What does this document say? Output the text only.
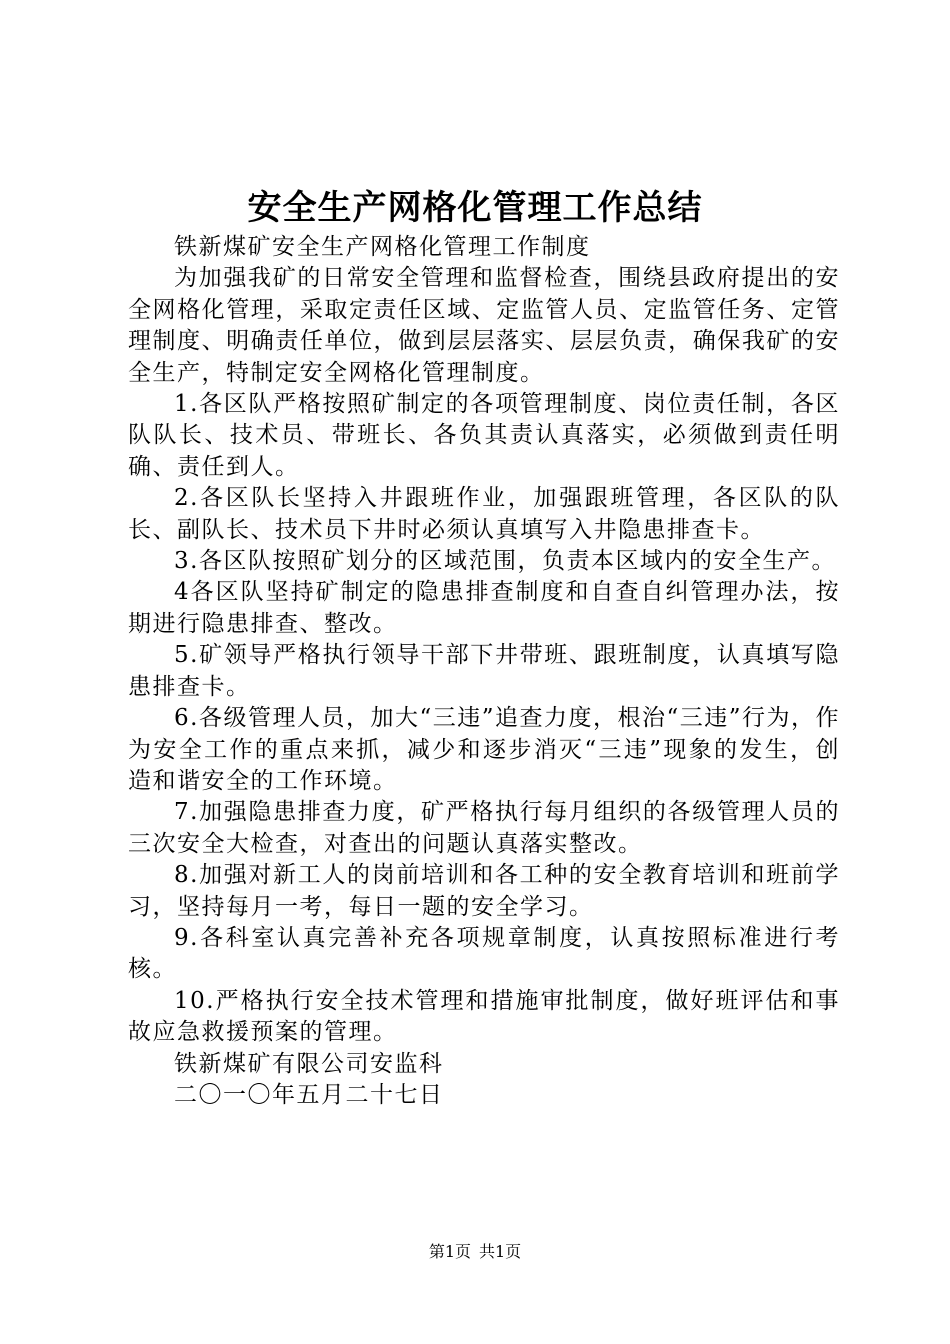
安全生产网格化管理工作总结

铁新煤矿安全生产网格化管理工作制度

为加强我矿的日常安全管理和监督检查，围绕县政府提出的安全网格化管理，采取定责任区域、定监管人员、定监管任务、定管理制度、明确责任单位，做到层层落实、层层负责，确保我矿的安全生产，特制定安全网格化管理制度。

1.各区队严格按照矿制定的各项管理制度、岗位责任制，各区队队长、技术员、带班长、各负其责认真落实，必须做到责任明确、责任到人。

2.各区队长坚持入井跟班作业，加强跟班管理，各区队的队长、副队长、技术员下井时必须认真填写入井隐患排查卡。

3.各区队按照矿划分的区域范围，负责本区域内的安全生产。

4各区队坚持矿制定的隐患排查制度和自查自纠管理办法，按期进行隐患排查、整改。

5.矿领导严格执行领导干部下井带班、跟班制度，认真填写隐患排查卡。

6.各级管理人员，加大“三违”追查力度，根治“三违”行为，作为安全工作的重点来抓，减少和逐步消灭“三违”现象的发生，创造和谐安全的工作环境。

7.加强隐患排查力度，矿严格执行每月组织的各级管理人员的三次安全大检查，对查出的问题认真落实整改。

8.加强对新工人的岗前培训和各工种的安全教育培训和班前学习，坚持每月一考，每日一题的安全学习。

9.各科室认真完善补充各项规章制度，认真按照标准进行考核。

10.严格执行安全技术管理和措施审批制度，做好班评估和事故应急救援预案的管理。

铁新煤矿有限公司安监科

二〇一〇年五月二十七日

第1页 共1页
